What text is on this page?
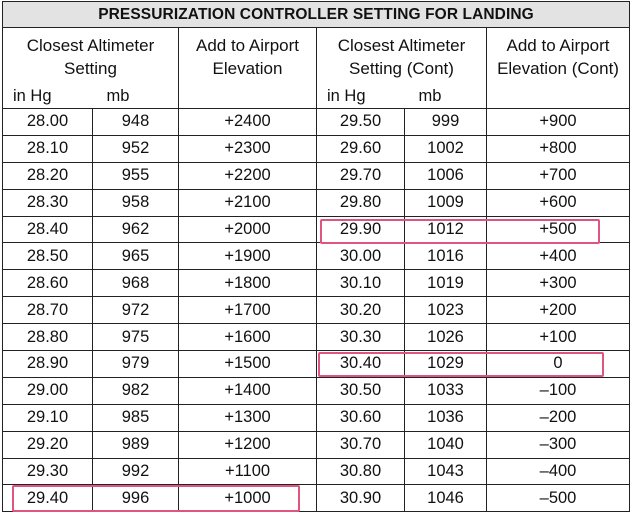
PRESSURIZATION CONTROLLER SETTING FOR LANDING					
Closest Altimeter Setting		Add to Airport Elevation	Closest Altimeter Setting (Cont)		Add to Airport Elevation (Cont)
in Hg	mb		in Hg	mb	
28.00	948	+2400	29.50	999	+900
28.10	952	+2300	29.60	1002	+800
28.20	955	+2200	29.70	1006	+700
28.30	958	+2100	29.80	1009	+600
28.40	962	+2000	29.90	1012	+500
28.50	965	+1900	30.00	1016	+400
28.60	968	+1800	30.10	1019	+300
28.70	972	+1700	30.20	1023	+200
28.80	975	+1600	30.30	1026	+100
28.90	979	+1500	30.40	1029	0
29.00	982	+1400	30.50	1033	–100
29.10	985	+1300	30.60	1036	–200
29.20	989	+1200	30.70	1040	–300
29.30	992	+1100	30.80	1043	–400
29.40	996	+1000	30.90	1046	–500
